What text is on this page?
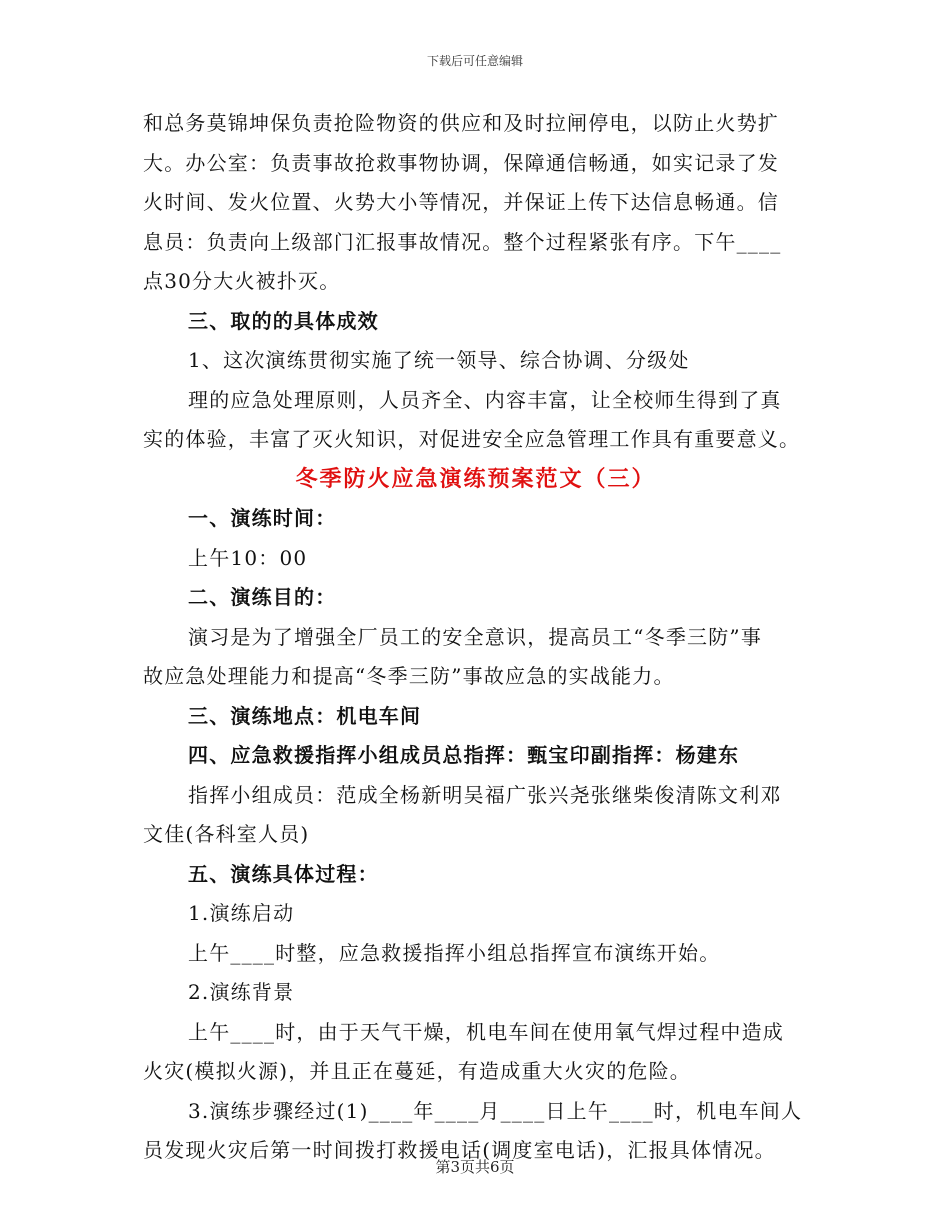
下载后可任意编辑
和总务莫锦坤保负责抢险物资的供应和及时拉闸停电，以防止火势扩
大。办公室：负责事故抢救事物协调，保障通信畅通，如实记录了发
火时间、发火位置、火势大小等情况，并保证上传下达信息畅通。信
息员：负责向上级部门汇报事故情况。整个过程紧张有序。下午____
点30分大火被扑灭。
三、取的的具体成效
1、这次演练贯彻实施了统一领导、综合协调、分级处
理的应急处理原则，人员齐全、内容丰富，让全校师生得到了真
实的体验，丰富了灭火知识，对促进安全应急管理工作具有重要意义。
冬季防火应急演练预案范文（三）
一、演练时间：
上午10：00
二、演练目的：
演习是为了增强全厂员工的安全意识，提高员工“冬季三防”事
故应急处理能力和提高“冬季三防”事故应急的实战能力。
三、演练地点：机电车间
四、应急救援指挥小组成员总指挥：甄宝印副指挥：杨建东
指挥小组成员：范成全杨新明吴福广张兴尧张继柴俊清陈文利邓
文佳(各科室人员)
五、演练具体过程：
1.演练启动
上午____时整，应急救援指挥小组总指挥宣布演练开始。
2.演练背景
上午____时，由于天气干燥，机电车间在使用氧气焊过程中造成
火灾(模拟火源)，并且正在蔓延，有造成重大火灾的危险。
3.演练步骤经过(1)____年____月____日上午____时，机电车间人
员发现火灾后第一时间拨打救援电话(调度室电话)，汇报具体情况。
第3页共6页
